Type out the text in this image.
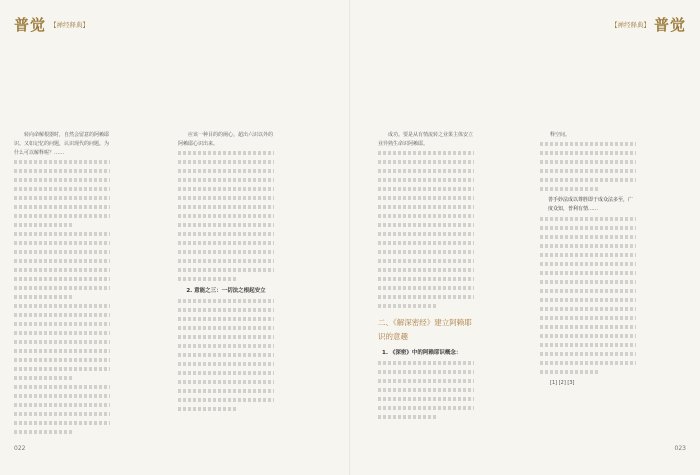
普觉 【禅经释典】	【禅经释典】 普觉
转向命解根器时，自然会留意的阿赖耶识。又如记忆的问题，认识现代的问题。为什么可以解释呢？……
应该一种目的的阐心。超出六识以外的阿赖耶心识出来。
2. 意能之三：一切法之根起安立
成功。要是从有情流转之业果主体安立业异熟生命识阿赖耶。
二、《解深密经》建立阿赖耶识的意趣
1. 《深密》中的阿赖耶识概念：
释空间。
善手妙法成以尊胜即于成众法多至，广度众知，普利有情……
[1] [2] [3]
022	023
